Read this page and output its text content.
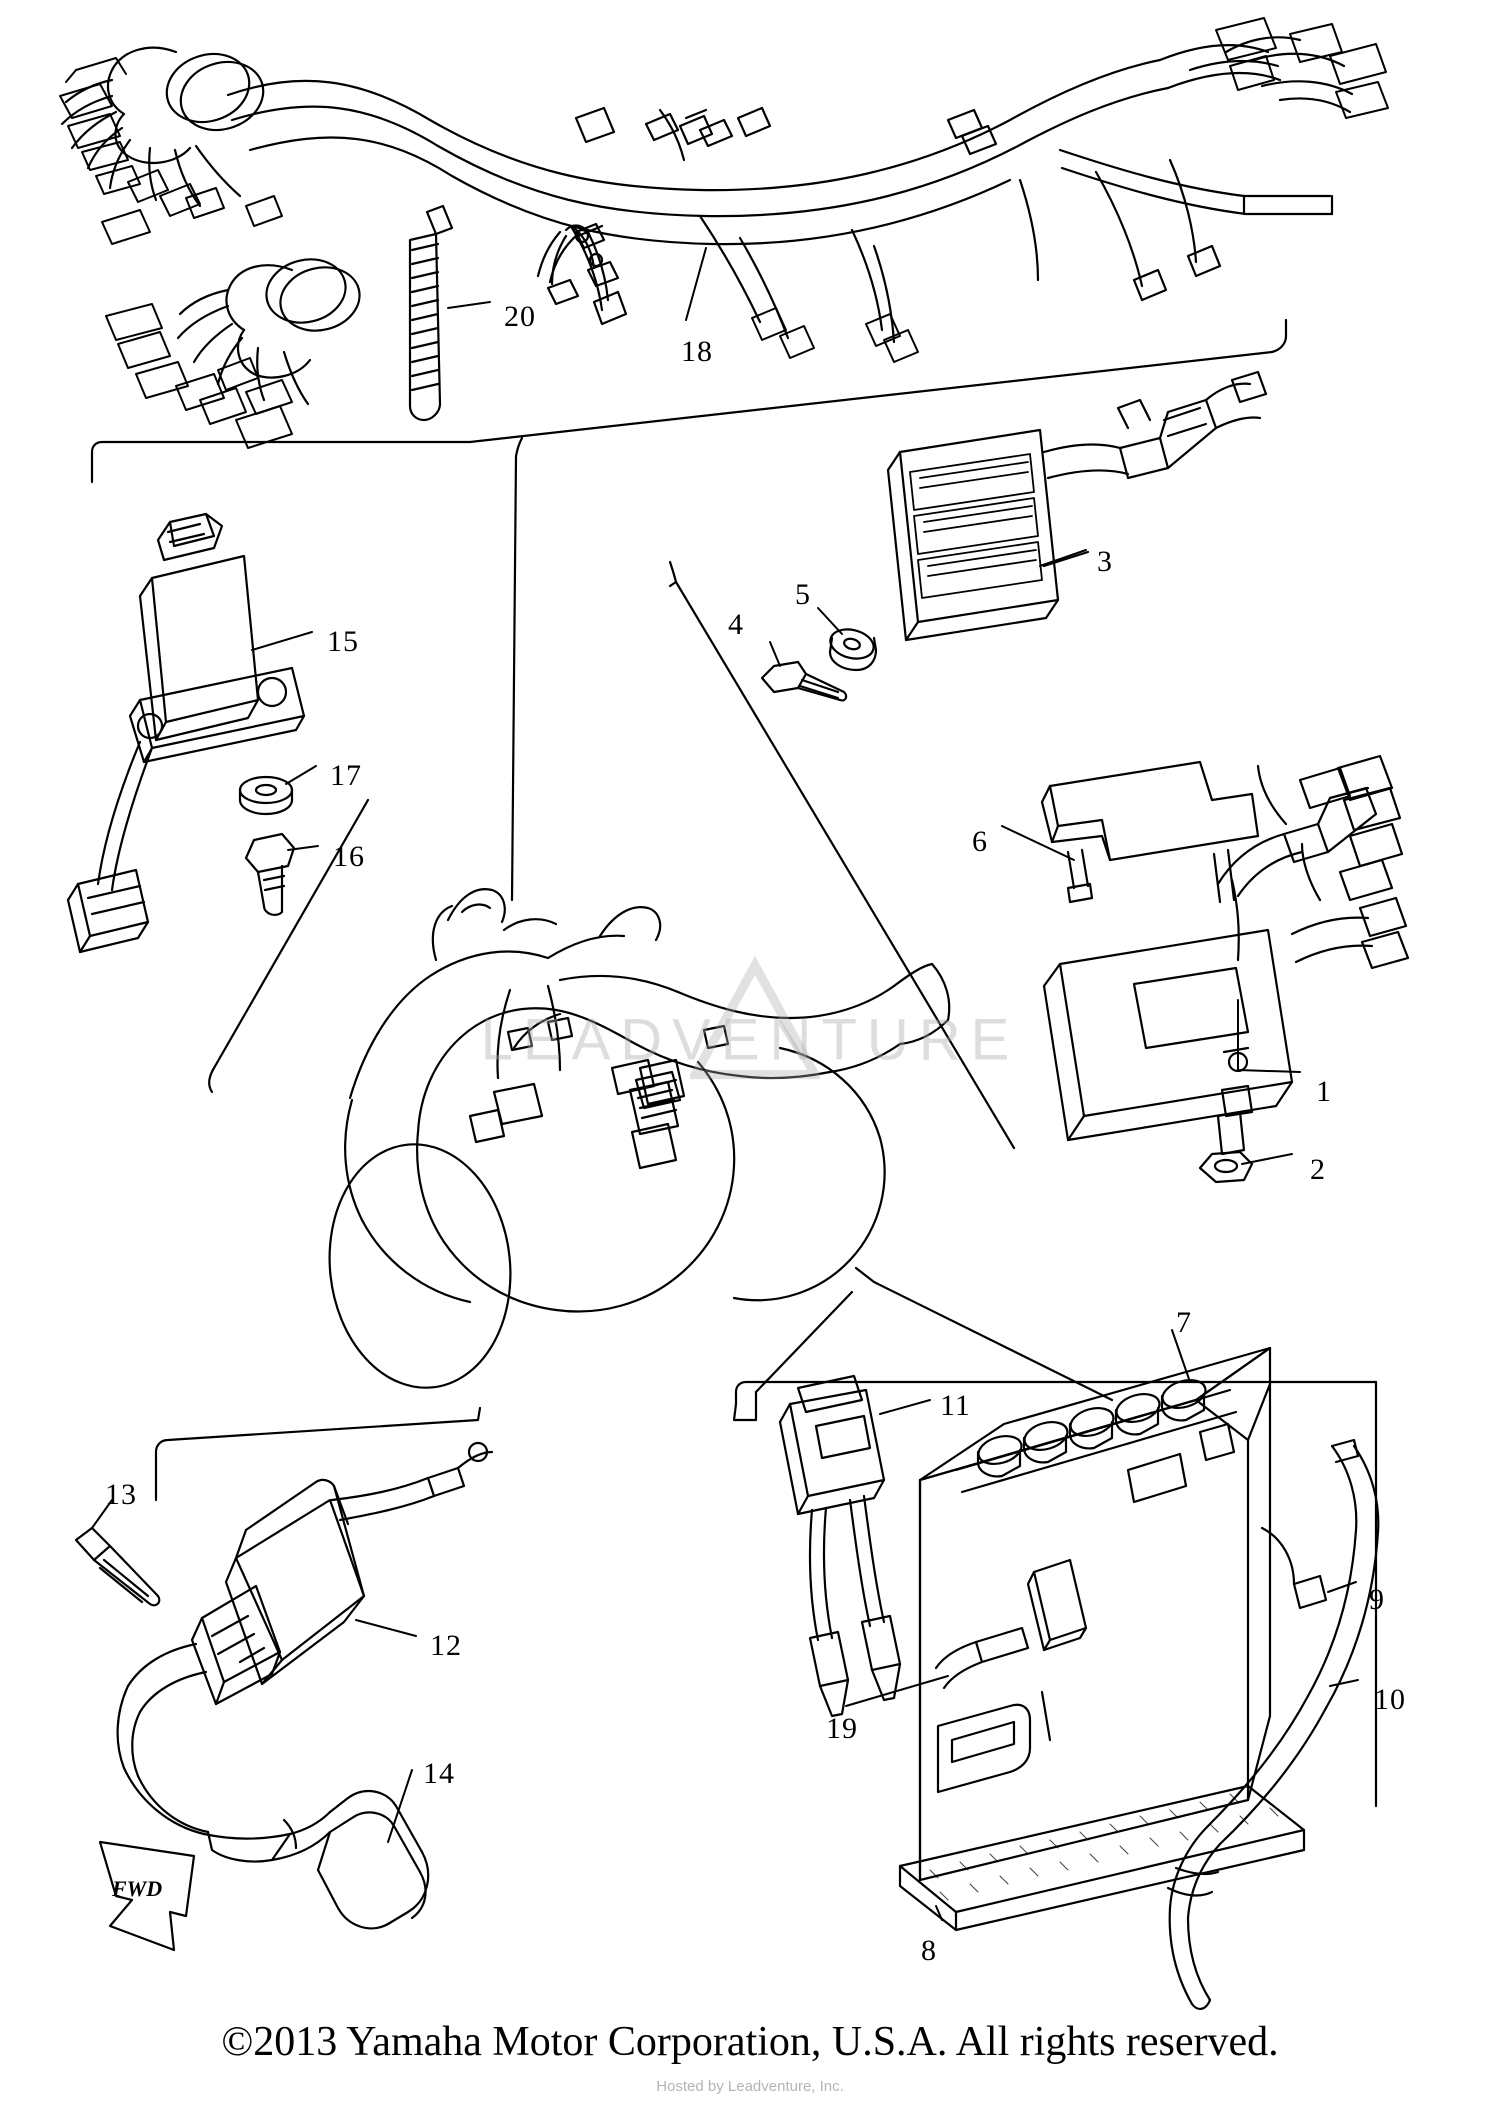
LEADVENTURE
1
2
3
4
5
6
7
8
9
10
11
12
13
14
15
16
17
18
19
20
FWD
©2013 Yamaha Motor Corporation, U.S.A. All rights reserved.
Hosted by Leadventure, Inc.
